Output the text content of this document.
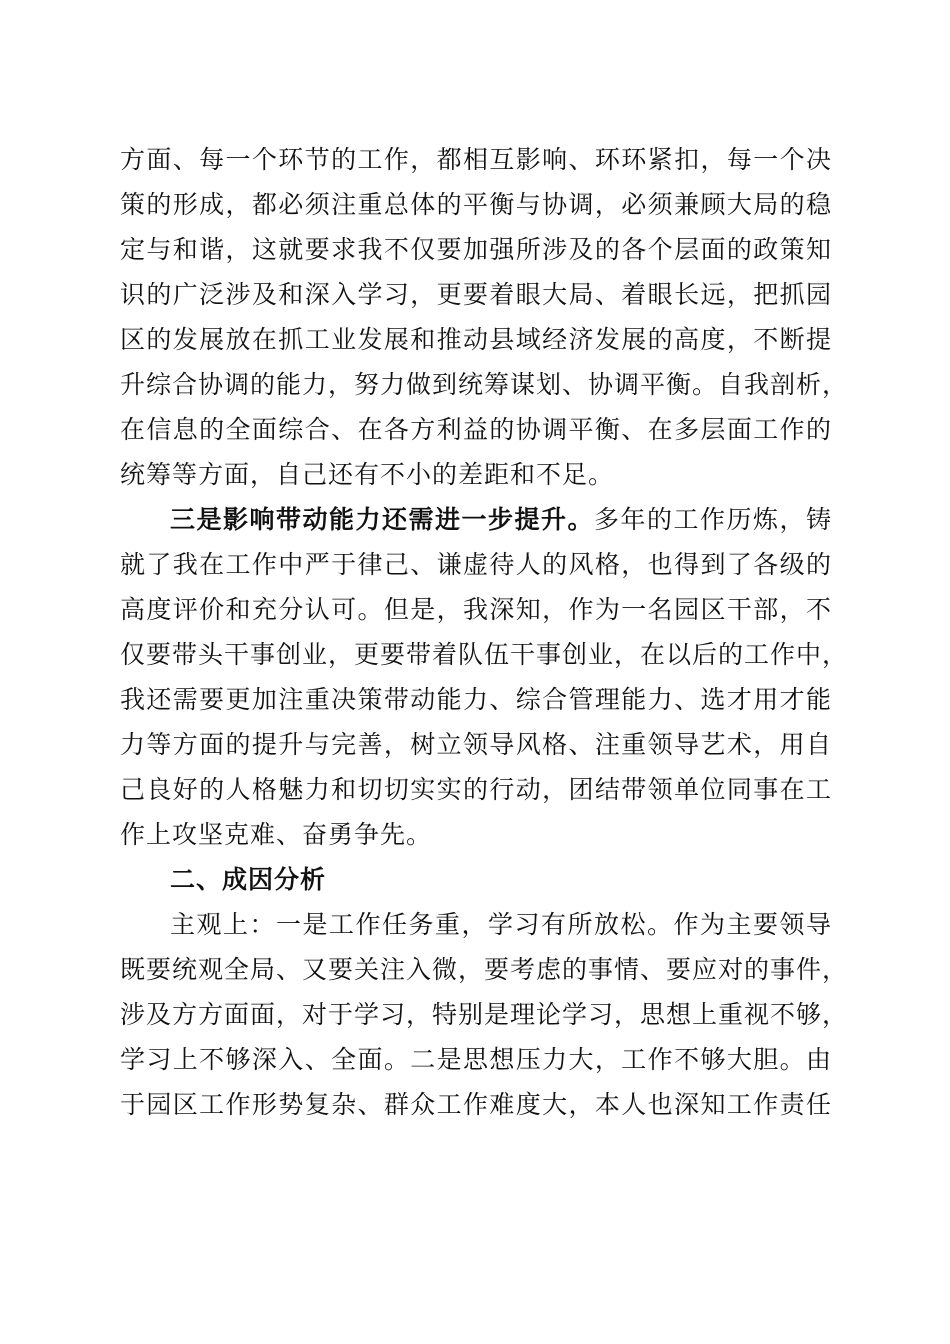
方面、每一个环节的工作，都相互影响、环环紧扣，每一个决
策的形成，都必须注重总体的平衡与协调，必须兼顾大局的稳
定与和谐，这就要求我不仅要加强所涉及的各个层面的政策知
识的广泛涉及和深入学习，更要着眼大局、着眼长远，把抓园
区的发展放在抓工业发展和推动县域经济发展的高度，不断提
升综合协调的能力，努力做到统筹谋划、协调平衡。自我剖析，
在信息的全面综合、在各方利益的协调平衡、在多层面工作的
统筹等方面，自己还有不小的差距和不足。
三是影响带动能力还需进一步提升。多年的工作历炼，铸
就了我在工作中严于律己、谦虚待人的风格，也得到了各级的
高度评价和充分认可。但是，我深知，作为一名园区干部，不
仅要带头干事创业，更要带着队伍干事创业，在以后的工作中，
我还需要更加注重决策带动能力、综合管理能力、选才用才能
力等方面的提升与完善，树立领导风格、注重领导艺术，用自
己良好的人格魅力和切切实实的行动，团结带领单位同事在工
作上攻坚克难、奋勇争先。
二、成因分析
主观上：一是工作任务重，学习有所放松。作为主要领导
既要统观全局、又要关注入微，要考虑的事情、要应对的事件，
涉及方方面面，对于学习，特别是理论学习，思想上重视不够，
学习上不够深入、全面。二是思想压力大，工作不够大胆。由
于园区工作形势复杂、群众工作难度大，本人也深知工作责任
